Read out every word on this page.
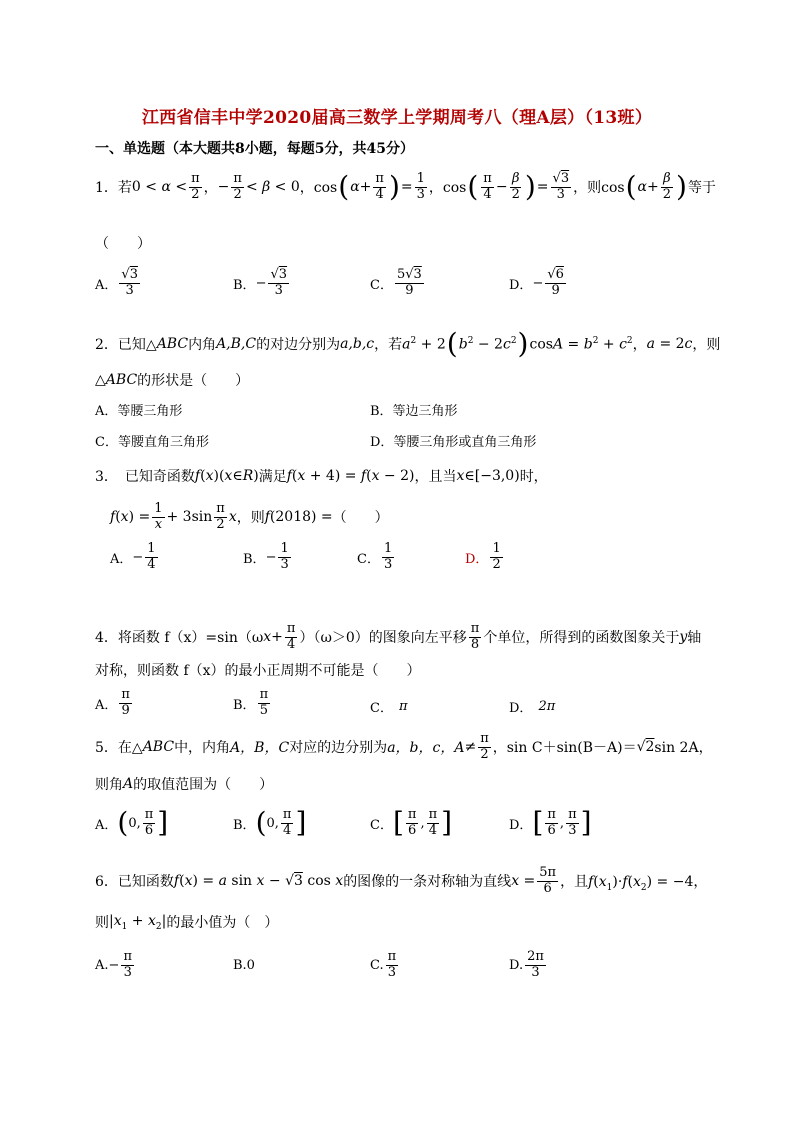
江西省信丰中学2020届高三数学上学期周考八（理A层）（13班）
一、单选题（本大题共8小题，每题5分，共45分）
1． 若 $0 < \alpha < \frac{\pi}{2}$ ， − $\frac{\pi}{2} < \beta < 0$ ，cos ( $\alpha + \frac{\pi}{4}$ ) = $\frac{1}{3}$ ，cos ( $\frac{\pi}{4} - \frac{\beta}{2}$ ) = $\frac{√3}{3}$ ，则cos ( $\alpha + \frac{\beta}{2}$ ) 等于
（　　）
A． $\frac{√3}{3}$	B． − $\frac{√3}{3}$	C． $\frac{5√3}{9}$	D． − $\frac{√6}{9}$
2．已知△ ABC 内角 A,B,C 的对边分别为 a,b,c ，若 $a^2 + 2$ ( $b^2 - 2c^2$ ) $\cos A = b^2 + c^2$ ， a = 2c ，则
△ABC 的形状是（　　）
A．等腰三角形	B．等边三角形
C．等腰直角三角形	D．等腰三角形或直角三角形
3．　已知奇函数 f(x)(x∈R) 满足 f(x + 4) = f(x − 2) ，且当 x∈[−3,0) 时，
$f(x) = \frac{1}{x} + 3\sin \frac{\pi}{2}$ x ，则 f(2018) = （　　）
A． − $\frac{1}{4}$	B． − $\frac{1}{3}$	C． $\frac{1}{3}$	D． $\frac{1}{2}$
4．将函数 f（x）=sin（ω $x + \frac{\pi}{4} )(\omega>0)$的图象向左平移 $\frac{\pi}{8}$ 个单位，所得到的函数图象关于 y 轴
对称，则函数 f（x）的最小正周期不可能是（　　）
A． $\frac{\pi}{9}$	B． $\frac{\pi}{5}$	C． π	D． 2π
5．在△ ABC 中，内角 A，B，C 对应的边分别为 a，b，c，$A \ne \frac{\pi}{2}$ ，sin C＋sin(B－A)＝ √2 sin 2A，
则角 A 的取值范围为（　　）
A． ( 0, $\frac{\pi}{6}$ ]	B． ( 0, $\frac{\pi}{4}$ ]	C． [ $\frac{\pi}{6}$ , $\frac{\pi}{4}$ ]	D． [ $\frac{\pi}{6}$ , $\frac{\pi}{3}$ ]
6．已知函数 f(x) = a sin x − √3 cos x 的图像的一条对称轴为直线 $x = \frac{5\pi}{6}$ ，且 $f(x_1)\cdot f(x_2) = -4$，
则 $|x_1 + x_2|$ 的最小值为（　）
A. − $\frac{\pi}{3}$	B.0	C. $\frac{\pi}{3}$	D. $\frac{2\pi}{3}$
